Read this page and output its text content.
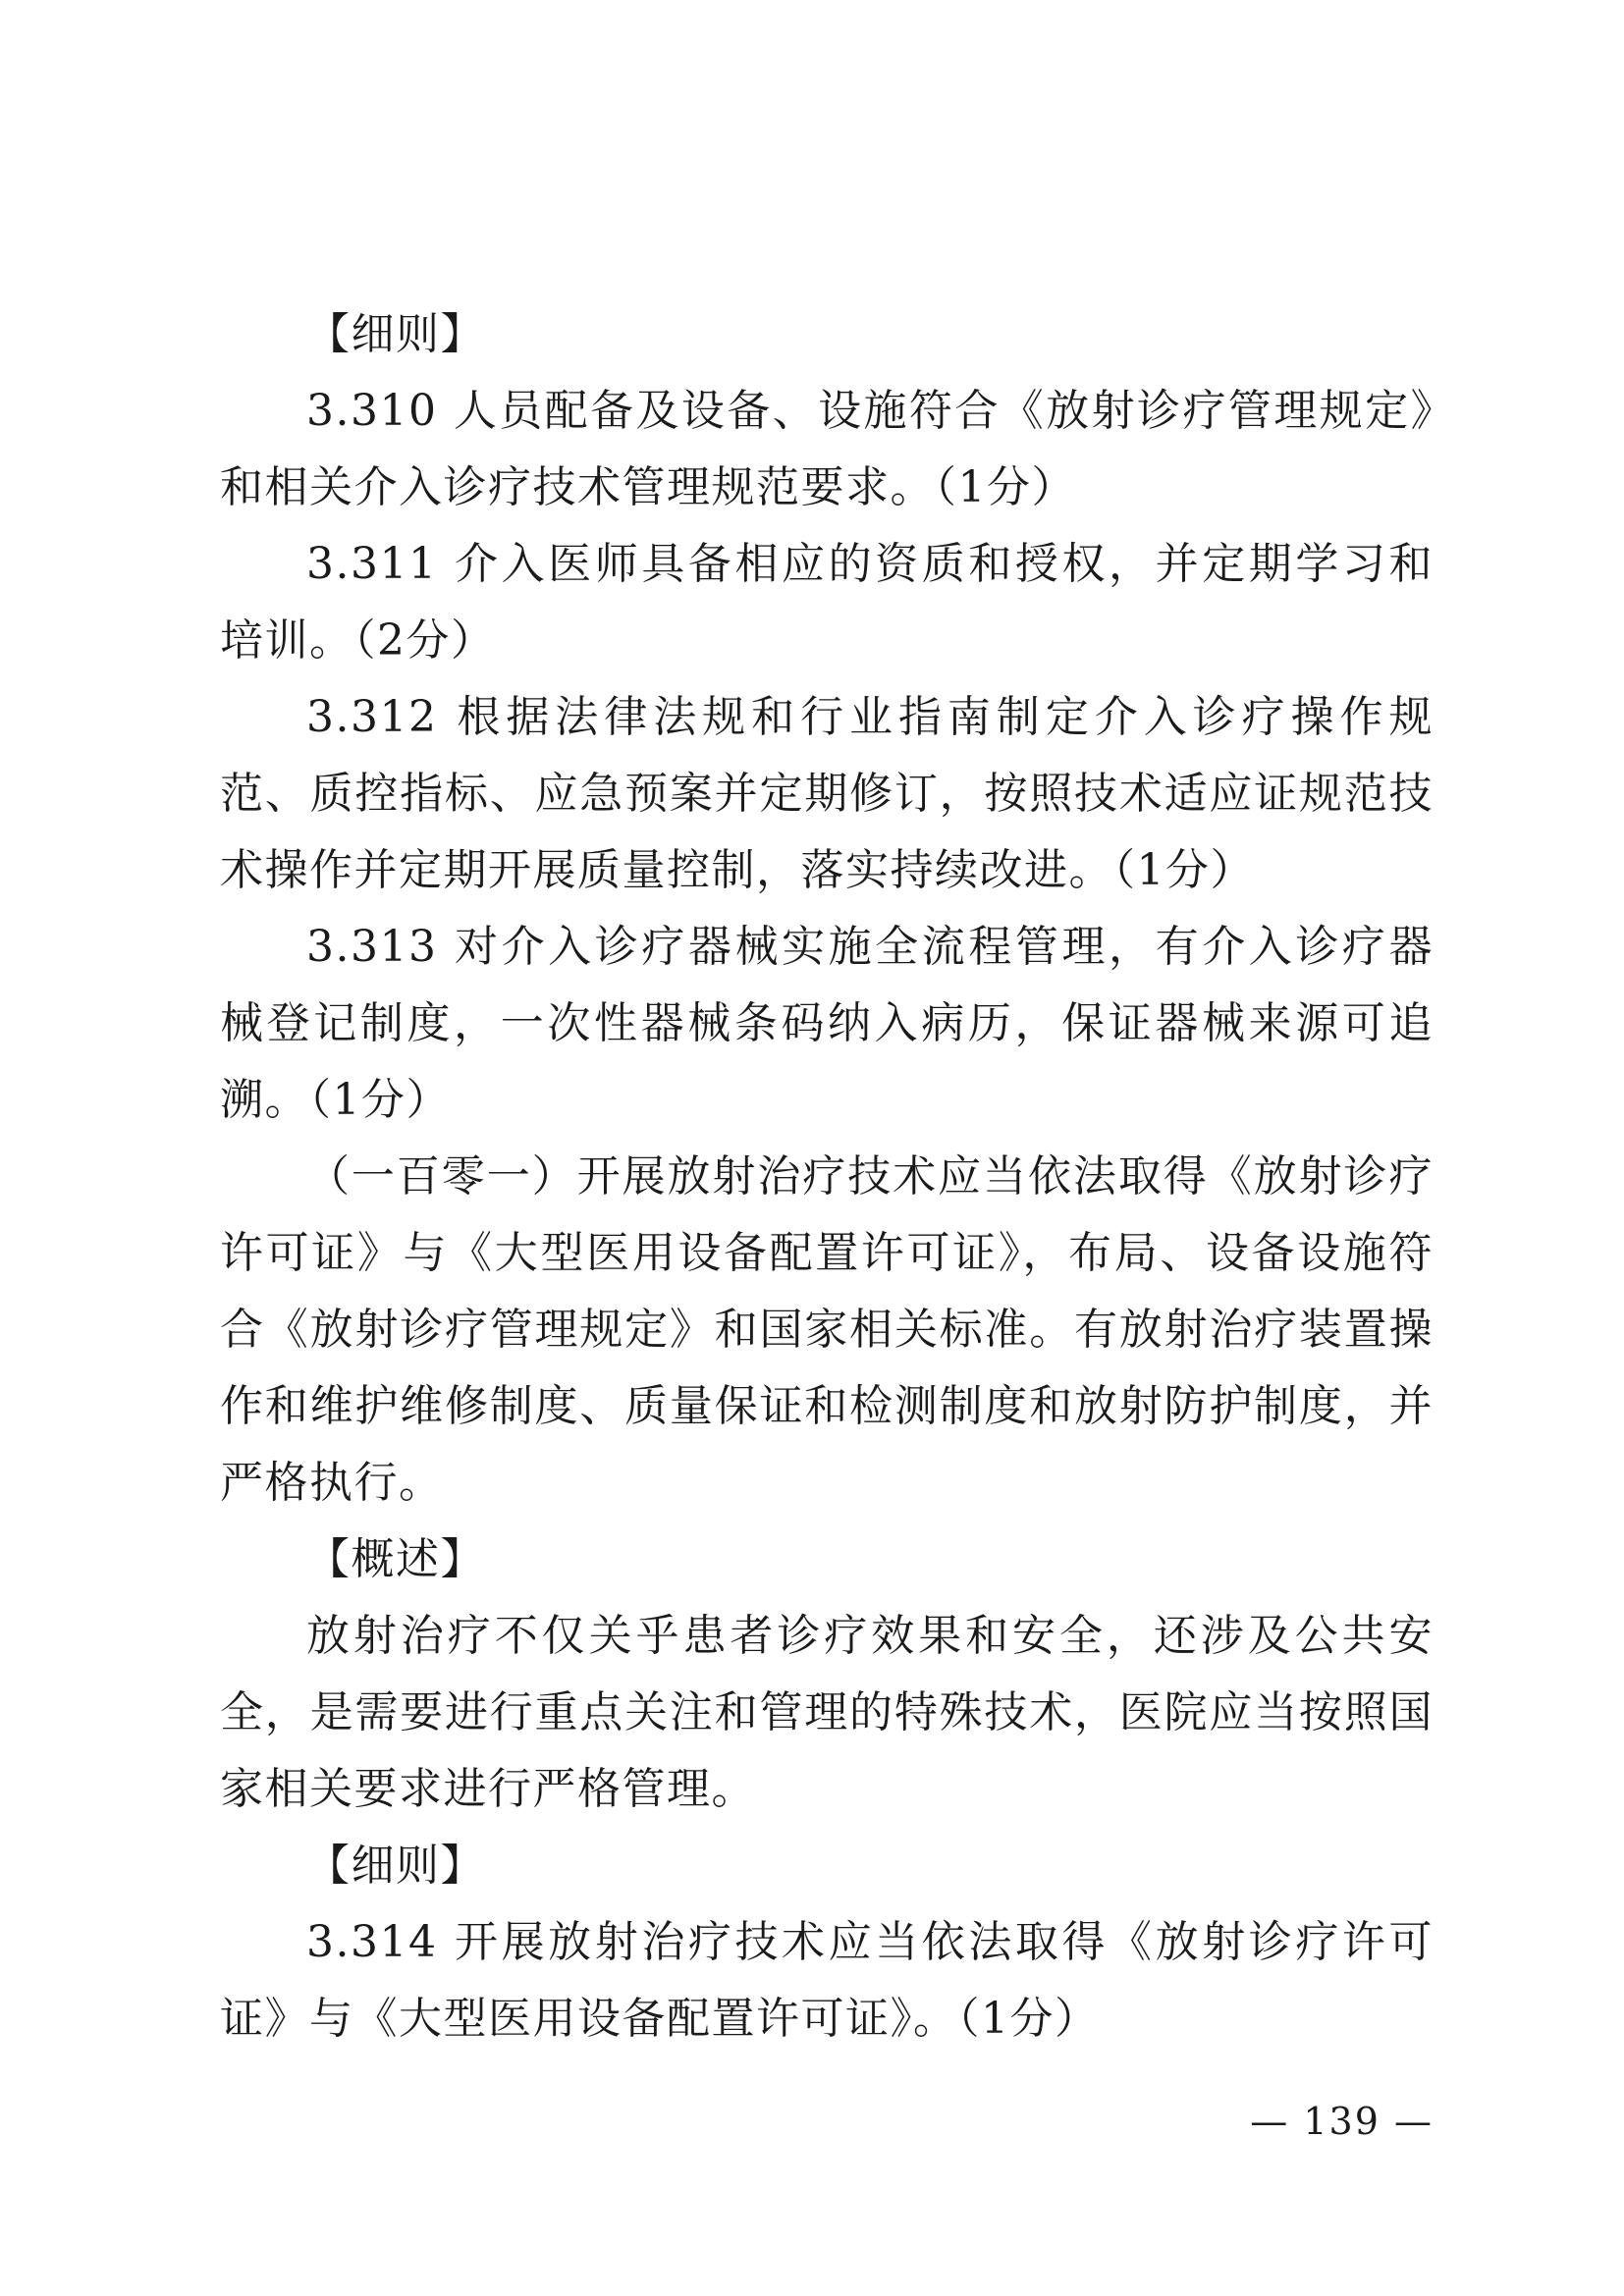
【细则】

3.310 人员配备及设备、设施符合《放射诊疗管理规定》和相关介入诊疗技术管理规范要求。（1分）

3.311 介入医师具备相应的资质和授权，并定期学习和培训。（2分）

3.312 根据法律法规和行业指南制定介入诊疗操作规范、质控指标、应急预案并定期修订，按照技术适应证规范技术操作并定期开展质量控制，落实持续改进。（1分）

3.313 对介入诊疗器械实施全流程管理，有介入诊疗器械登记制度，一次性器械条码纳入病历，保证器械来源可追溯。（1分）

（一百零一）开展放射治疗技术应当依法取得《放射诊疗许可证》与《大型医用设备配置许可证》，布局、设备设施符合《放射诊疗管理规定》和国家相关标准。有放射治疗装置操作和维护维修制度、质量保证和检测制度和放射防护制度，并严格执行。

【概述】

放射治疗不仅关乎患者诊疗效果和安全，还涉及公共安全，是需要进行重点关注和管理的特殊技术，医院应当按照国家相关要求进行严格管理。

【细则】

3.314 开展放射治疗技术应当依法取得《放射诊疗许可证》与《大型医用设备配置许可证》。（1分）

— 139 —
